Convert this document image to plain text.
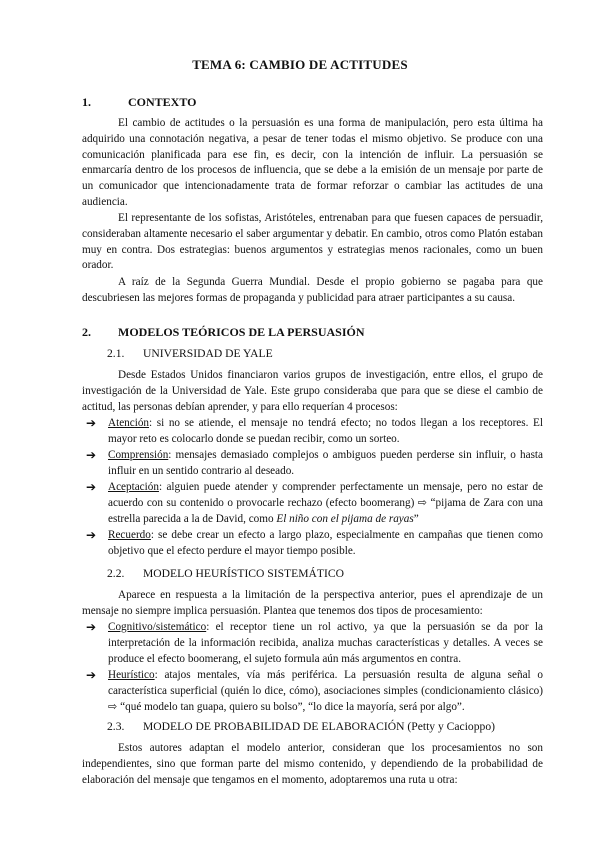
TEMA 6: CAMBIO DE ACTITUDES
1.	CONTEXTO

El cambio de actitudes o la persuasión es una forma de manipulación, pero esta última ha adquirido una connotación negativa, a pesar de tener todas el mismo objetivo. Se produce con una comunicación planificada para ese fin, es decir, con la intención de influir. La persuasión se enmarcaría dentro de los procesos de influencia, que se debe a la emisión de un mensaje por parte de un comunicador que intencionadamente trata de formar reforzar o cambiar las actitudes de una audiencia.

El representante de los sofistas, Aristóteles, entrenaban para que fuesen capaces de persuadir, consideraban altamente necesario el saber argumentar y debatir. En cambio, otros como Platón estaban muy en contra. Dos estrategias: buenos argumentos y estrategias menos racionales, como un buen orador.

A raíz de la Segunda Guerra Mundial. Desde el propio gobierno se pagaba para que descubriesen las mejores formas de propaganda y publicidad para atraer participantes a su causa.

2. MODELOS TEÓRICOS DE LA PERSUASIÓN
2.1. UNIVERSIDAD DE YALE

Desde Estados Unidos financiaron varios grupos de investigación, entre ellos, el grupo de investigación de la Universidad de Yale. Este grupo consideraba que para que se diese el cambio de actitud, las personas debían aprender, y para ello requerían 4 procesos:

➔ Atención: si no se atiende, el mensaje no tendrá efecto; no todos llegan a los receptores. El mayor reto es colocarlo donde se puedan recibir, como un sorteo.
➔ Comprensión: mensajes demasiado complejos o ambiguos pueden perderse sin influir, o hasta influir en un sentido contrario al deseado.
➔ Aceptación: alguien puede atender y comprender perfectamente un mensaje, pero no estar de acuerdo con su contenido o provocarle rechazo (efecto boomerang) ⇨ “pijama de Zara con una estrella parecida a la de David, como El niño con el pijama de rayas”
➔ Recuerdo: se debe crear un efecto a largo plazo, especialmente en campañas que tienen como objetivo que el efecto perdure el mayor tiempo posible.
2.2. MODELO HEURÍSTICO SISTEMÁTICO

Aparece en respuesta a la limitación de la perspectiva anterior, pues el aprendizaje de un mensaje no siempre implica persuasión. Plantea que tenemos dos tipos de procesamiento:

➔ Cognitivo/sistemático: el receptor tiene un rol activo, ya que la persuasión se da por la interpretación de la información recibida, analiza muchas características y detalles. A veces se produce el efecto boomerang, el sujeto formula aún más argumentos en contra.
➔ Heurístico: atajos mentales, vía más periférica. La persuasión resulta de alguna señal o característica superficial (quién lo dice, cómo), asociaciones simples (condicionamiento clásico) ⇨ “qué modelo tan guapa, quiero su bolso”, “lo dice la mayoría, será por algo”.
2.3. MODELO DE PROBABILIDAD DE ELABORACIÓN (Petty y Cacioppo)

Estos autores adaptan el modelo anterior, consideran que los procesamientos no son independientes, sino que forman parte del mismo contenido, y dependiendo de la probabilidad de elaboración del mensaje que tengamos en el momento, adoptaremos una ruta u otra:
